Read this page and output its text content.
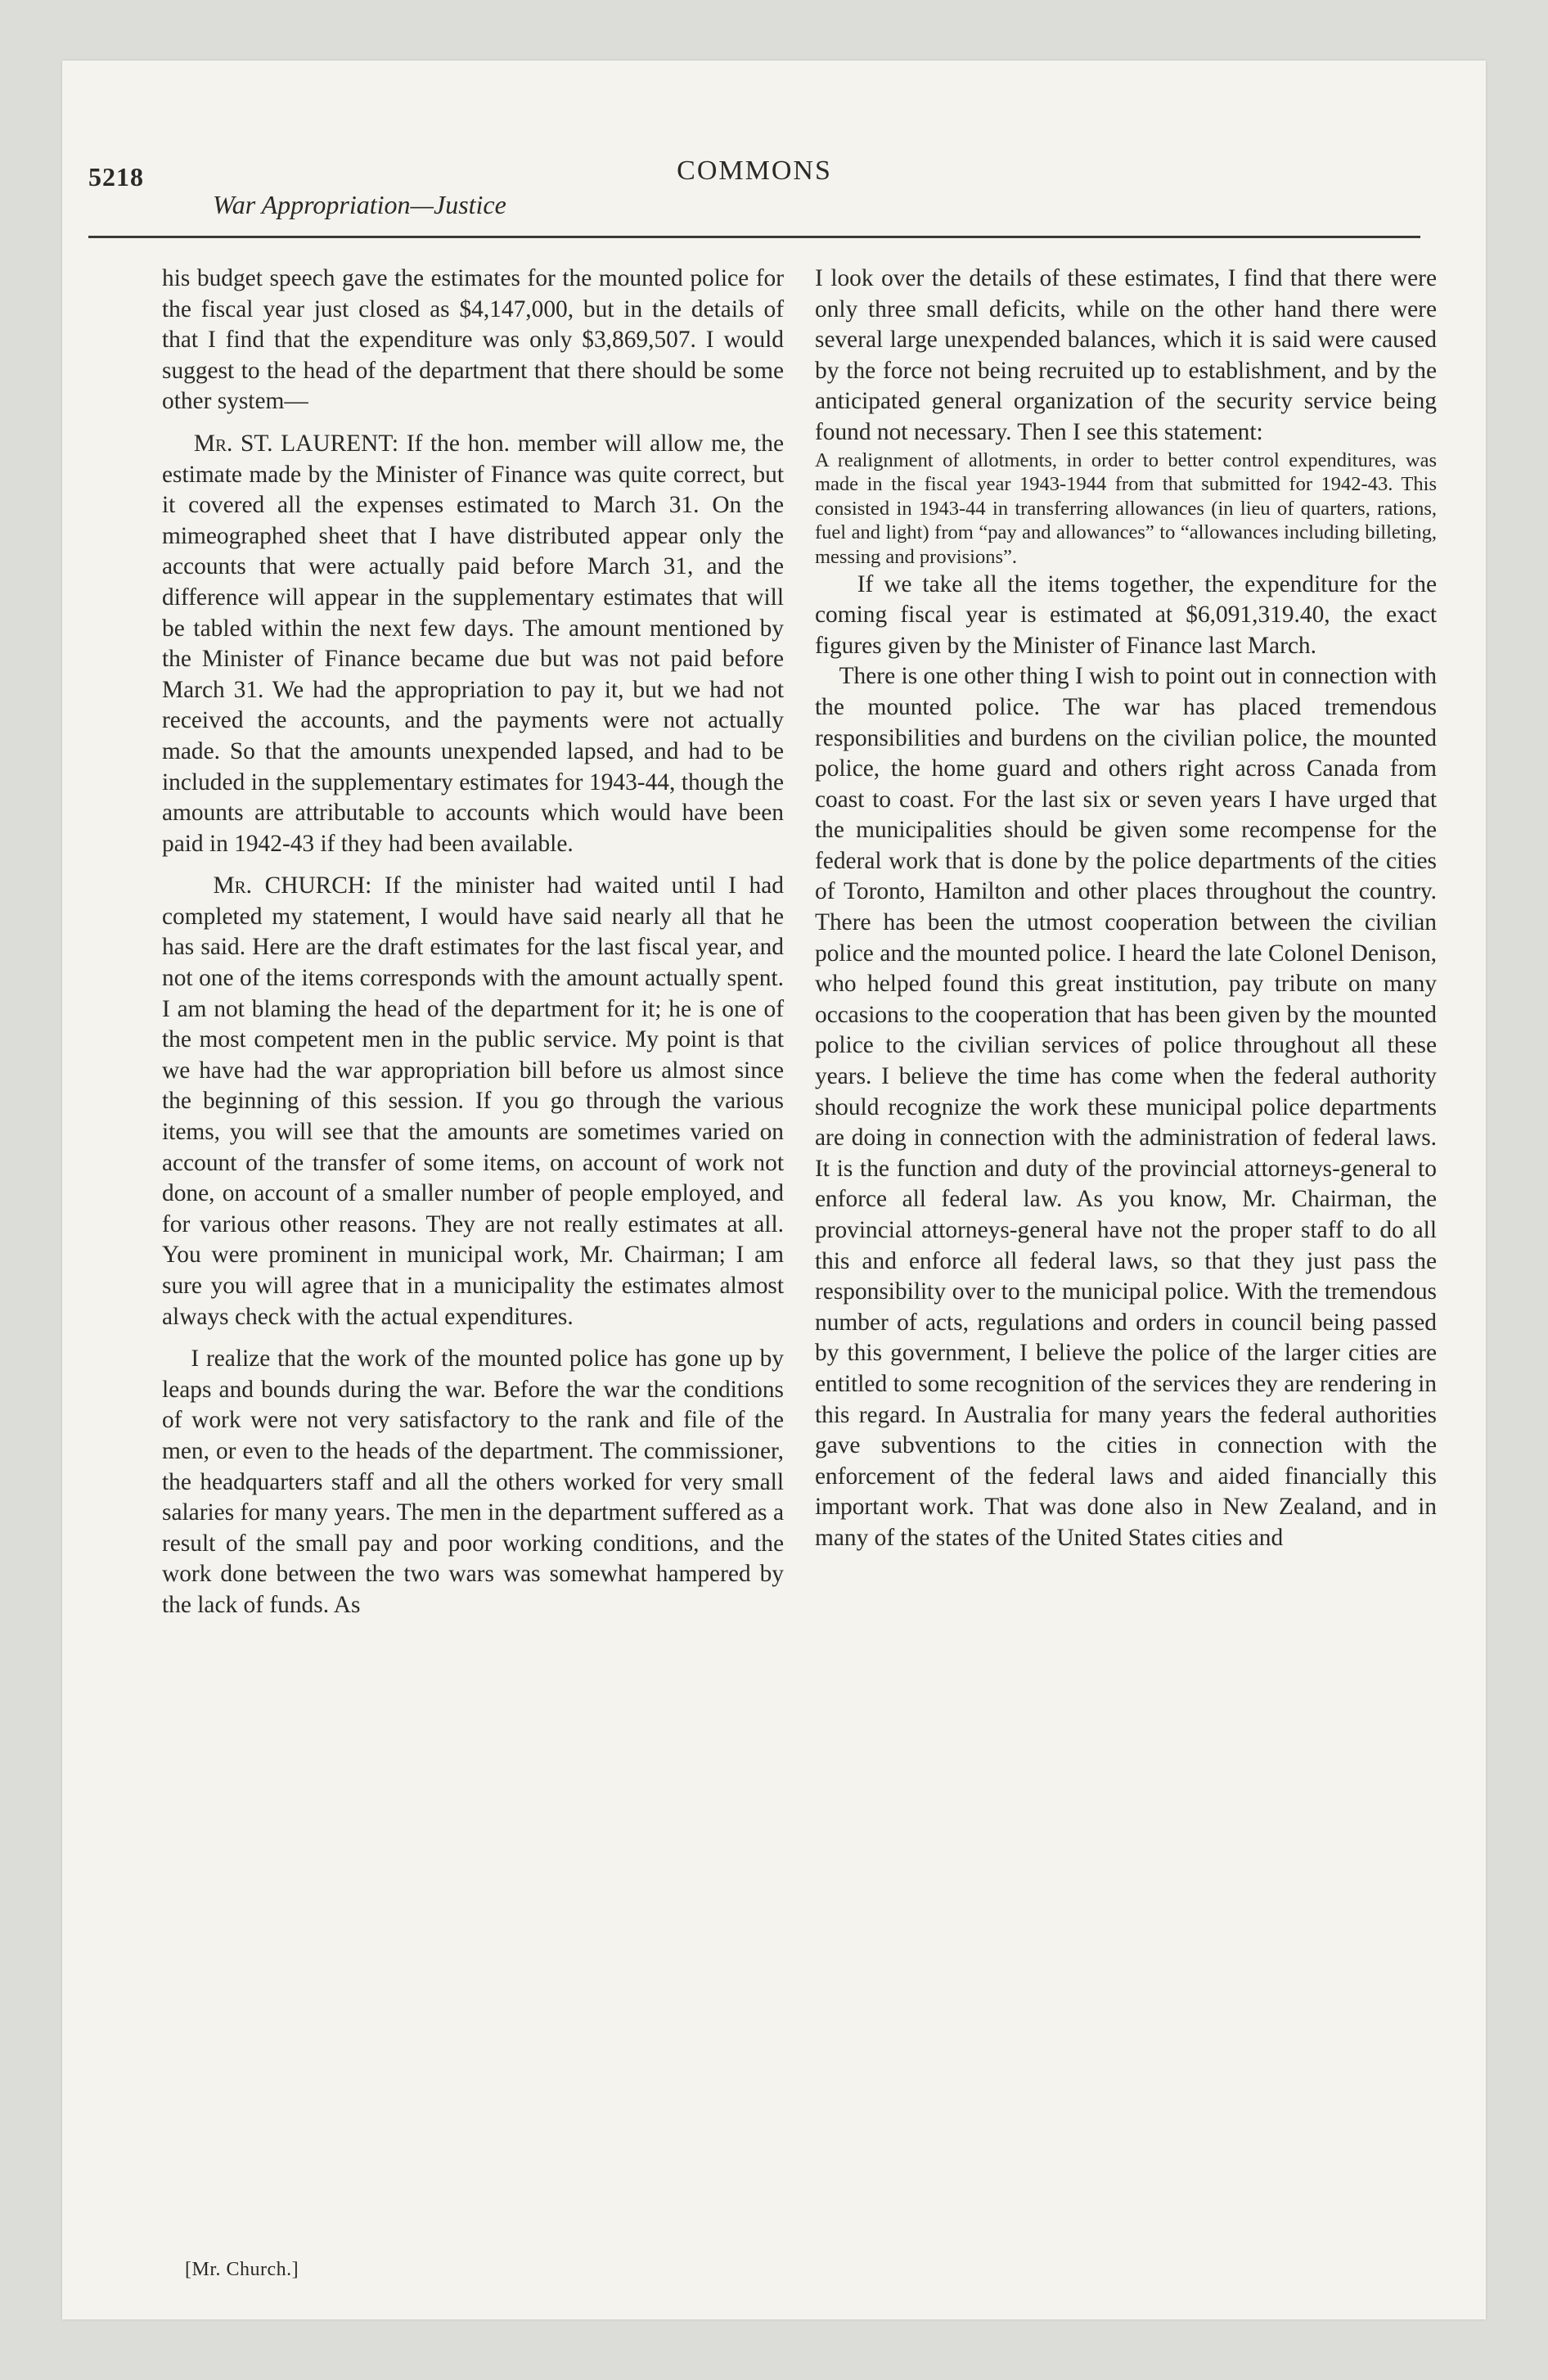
5218	COMMONS
War Appropriation—Justice

his budget speech gave the estimates for the mounted police for the fiscal year just closed as $4,147,000, but in the details of that I find that the expenditure was only $3,869,507. I would suggest to the head of the department that there should be some other system—

Mr. ST. LAURENT: If the hon. member will allow me, the estimate made by the Minister of Finance was quite correct, but it covered all the expenses estimated to March 31. On the mimeographed sheet that I have distributed appear only the accounts that were actually paid before March 31, and the difference will appear in the supplementary estimates that will be tabled within the next few days. The amount mentioned by the Minister of Finance became due but was not paid before March 31. We had the appropriation to pay it, but we had not received the accounts, and the payments were not actually made. So that the amounts unexpended lapsed, and had to be included in the supplementary estimates for 1943-44, though the amounts are attributable to accounts which would have been paid in 1942-43 if they had been available.

Mr. CHURCH: If the minister had waited until I had completed my statement, I would have said nearly all that he has said. Here are the draft estimates for the last fiscal year, and not one of the items corresponds with the amount actually spent. I am not blaming the head of the department for it; he is one of the most competent men in the public service. My point is that we have had the war appropriation bill before us almost since the beginning of this session. If you go through the various items, you will see that the amounts are sometimes varied on account of the transfer of some items, on account of work not done, on account of a smaller number of people employed, and for various other reasons. They are not really estimates at all. You were prominent in municipal work, Mr. Chairman; I am sure you will agree that in a municipality the estimates almost always check with the actual expenditures.

I realize that the work of the mounted police has gone up by leaps and bounds during the war. Before the war the conditions of work were not very satisfactory to the rank and file of the men, or even to the heads of the department. The commissioner, the headquarters staff and all the others worked for very small salaries for many years. The men in the department suffered as a result of the small pay and poor working conditions, and the work done between the two wars was somewhat hampered by the lack of funds. As

I look over the details of these estimates, I find that there were only three small deficits, while on the other hand there were several large unexpended balances, which it is said were caused by the force not being recruited up to establishment, and by the anticipated general organization of the security service being found not necessary. Then I see this statement:

A realignment of allotments, in order to better control expenditures, was made in the fiscal year 1943-1944 from that submitted for 1942-43. This consisted in 1943-44 in transferring allowances (in lieu of quarters, rations, fuel and light) from “pay and allowances” to “allowances including billeting, messing and provisions”.

If we take all the items together, the expenditure for the coming fiscal year is estimated at $6,091,319.40, the exact figures given by the Minister of Finance last March.

There is one other thing I wish to point out in connection with the mounted police. The war has placed tremendous responsibilities and burdens on the civilian police, the mounted police, the home guard and others right across Canada from coast to coast. For the last six or seven years I have urged that the municipalities should be given some recompense for the federal work that is done by the police departments of the cities of Toronto, Hamilton and other places throughout the country. There has been the utmost cooperation between the civilian police and the mounted police. I heard the late Colonel Denison, who helped found this great institution, pay tribute on many occasions to the cooperation that has been given by the mounted police to the civilian services of police throughout all these years. I believe the time has come when the federal authority should recognize the work these municipal police departments are doing in connection with the administration of federal laws. It is the function and duty of the provincial attorneys-general to enforce all federal law. As you know, Mr. Chairman, the provincial attorneys-general have not the proper staff to do all this and enforce all federal laws, so that they just pass the responsibility over to the municipal police. With the tremendous number of acts, regulations and orders in council being passed by this government, I believe the police of the larger cities are entitled to some recognition of the services they are rendering in this regard. In Australia for many years the federal authorities gave subventions to the cities in connection with the enforcement of the federal laws and aided financially this important work. That was done also in New Zealand, and in many of the states of the United States cities and

[Mr. Church.]
